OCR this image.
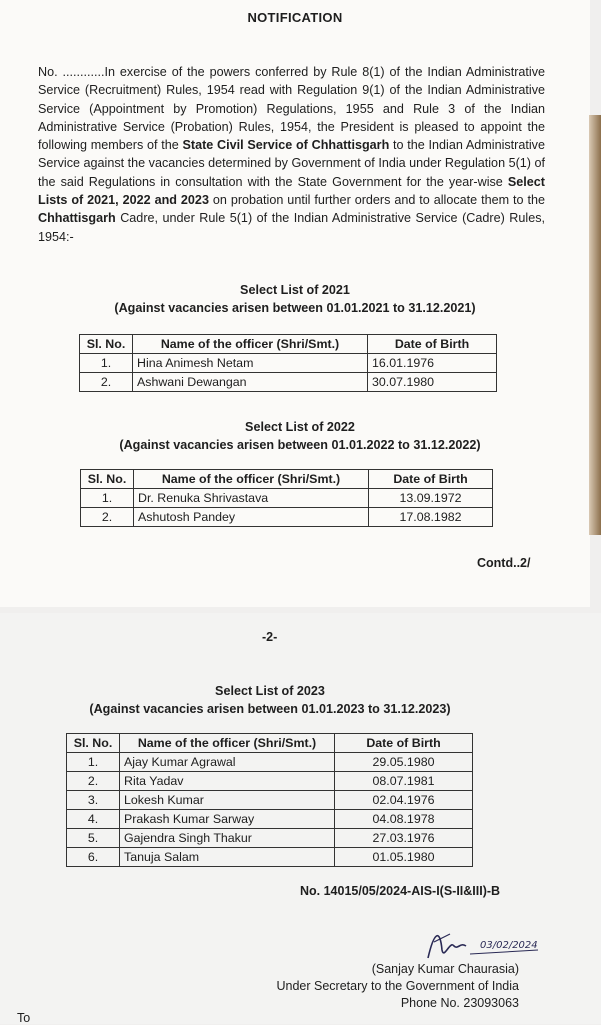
NOTIFICATION
No. ............In exercise of the powers conferred by Rule 8(1) of the Indian Administrative Service (Recruitment) Rules, 1954 read with Regulation 9(1) of the Indian Administrative Service (Appointment by Promotion) Regulations, 1955 and Rule 3 of the Indian Administrative Service (Probation) Rules, 1954, the President is pleased to appoint the following members of the State Civil Service of Chhattisgarh to the Indian Administrative Service against the vacancies determined by Government of India under Regulation 5(1) of the said Regulations in consultation with the State Government for the year-wise Select Lists of 2021, 2022 and 2023 on probation until further orders and to allocate them to the Chhattisgarh Cadre, under Rule 5(1) of the Indian Administrative Service (Cadre) Rules, 1954:-
Select List of 2021
(Against vacancies arisen between 01.01.2021 to 31.12.2021)
Sl. No.	Name of the officer (Shri/Smt.)	Date of Birth
1.	Hina Animesh Netam	16.01.1976
2.	Ashwani Dewangan	30.07.1980
Select List of 2022
(Against vacancies arisen between 01.01.2022 to 31.12.2022)
Sl. No.	Name of the officer (Shri/Smt.)	Date of Birth
1.	Dr. Renuka Shrivastava	13.09.1972
2.	Ashutosh Pandey	17.08.1982
Contd..2/
-2-
Select List of 2023
(Against vacancies arisen between 01.01.2023 to 31.12.2023)
Sl. No.	Name of the officer (Shri/Smt.)	Date of Birth
1.	Ajay Kumar Agrawal	29.05.1980
2.	Rita Yadav	08.07.1981
3.	Lokesh Kumar	02.04.1976
4.	Prakash Kumar Sarway	04.08.1978
5.	Gajendra Singh Thakur	27.03.1976
6.	Tanuja Salam	01.05.1980
No. 14015/05/2024-AIS-I(S-II&III)-B
03/02/2024
(Sanjay Kumar Chaurasia)
Under Secretary to the Government of India
Phone No. 23093063
To
